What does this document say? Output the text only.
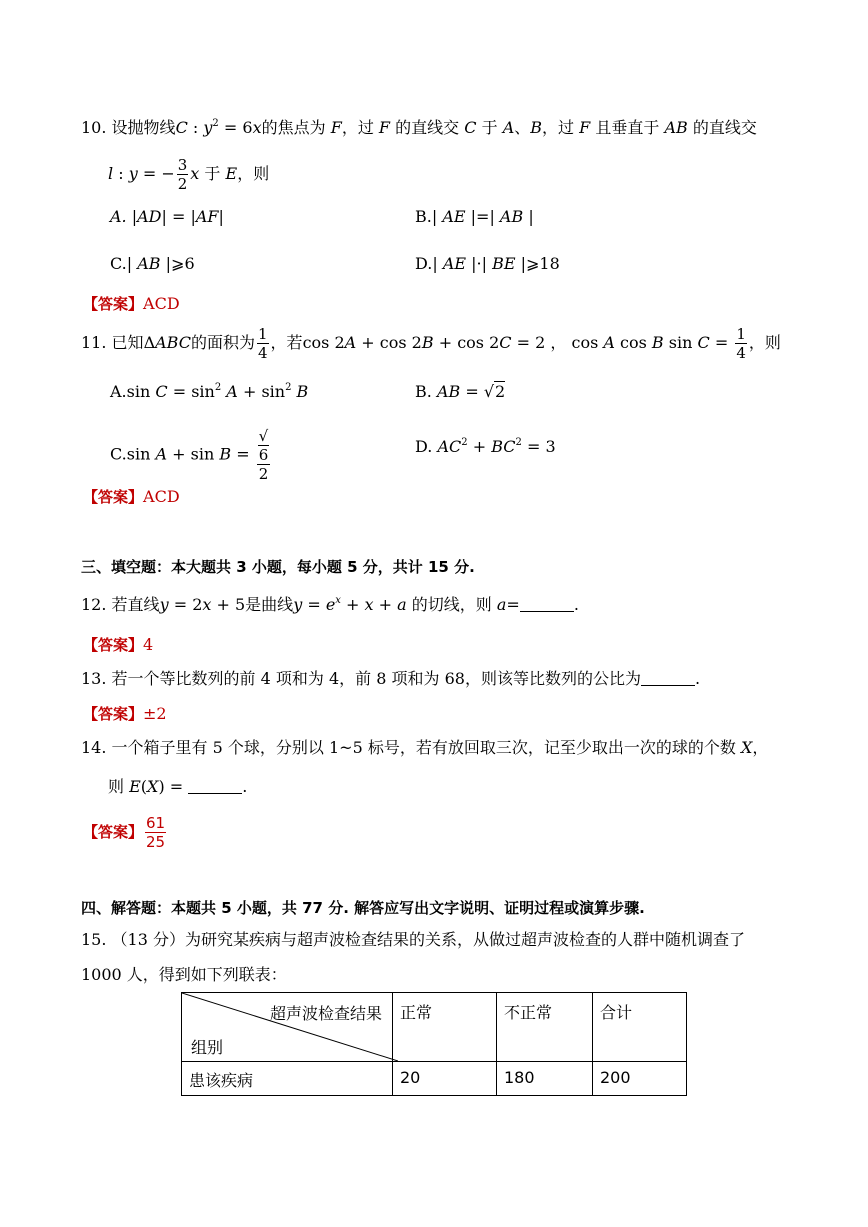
10. 设抛物线C : $y^2 = 6x$的焦点为 F，过 F 的直线交 C 于 A、B，过 F 且垂直于 AB 的直线交
l : y = − $\frac{3}{2}$ x 于 E，则
A. |AD| = |AF|	B.| AE |=| AB |
C.| AB |⩾6	D.| AE |·| BE |⩾18
【答案】ACD
11. 已知ΔABC的面积为 $\frac{1}{4}$ ，若cos 2A + cos 2B + cos 2C = 2 ， cos A cos B $\sin C = \frac{1}{4}$ ，则
A.sin $C = \sin^2 A + \sin^2 B$	B. AB = √2
C.sin A + sin B = √
6
2	D. $AC^2 + BC^2 = 3$
【答案】ACD
三、填空题：本大题共 3 小题，每小题 5 分，共计 15 分.
12. 若直线y = 2x + 5是曲线$y = e^x + x + a$ 的切线，则 a=	.
【答案】4
13. 若一个等比数列的前 4 项和为 4，前 8 项和为 68，则该等比数列的公比为	.
【答案】±2
14. 一个箱子里有 5 个球，分别以 1~5 标号，若有放回取三次，记至少取出一次的球的个数 X，
则 E(X) =	.
【答案】 $\frac{61}{25}$
四、解答题：本题共 5 小题，共 77 分. 解答应写出文字说明、证明过程或演算步骤.
15. （13 分）为研究某疾病与超声波检查结果的关系，从做过超声波检查的人群中随机调查了
1000 人，得到如下列联表：
超声波检查结果
组别	正常	不正常	合计
患该疾病	20	180	200
